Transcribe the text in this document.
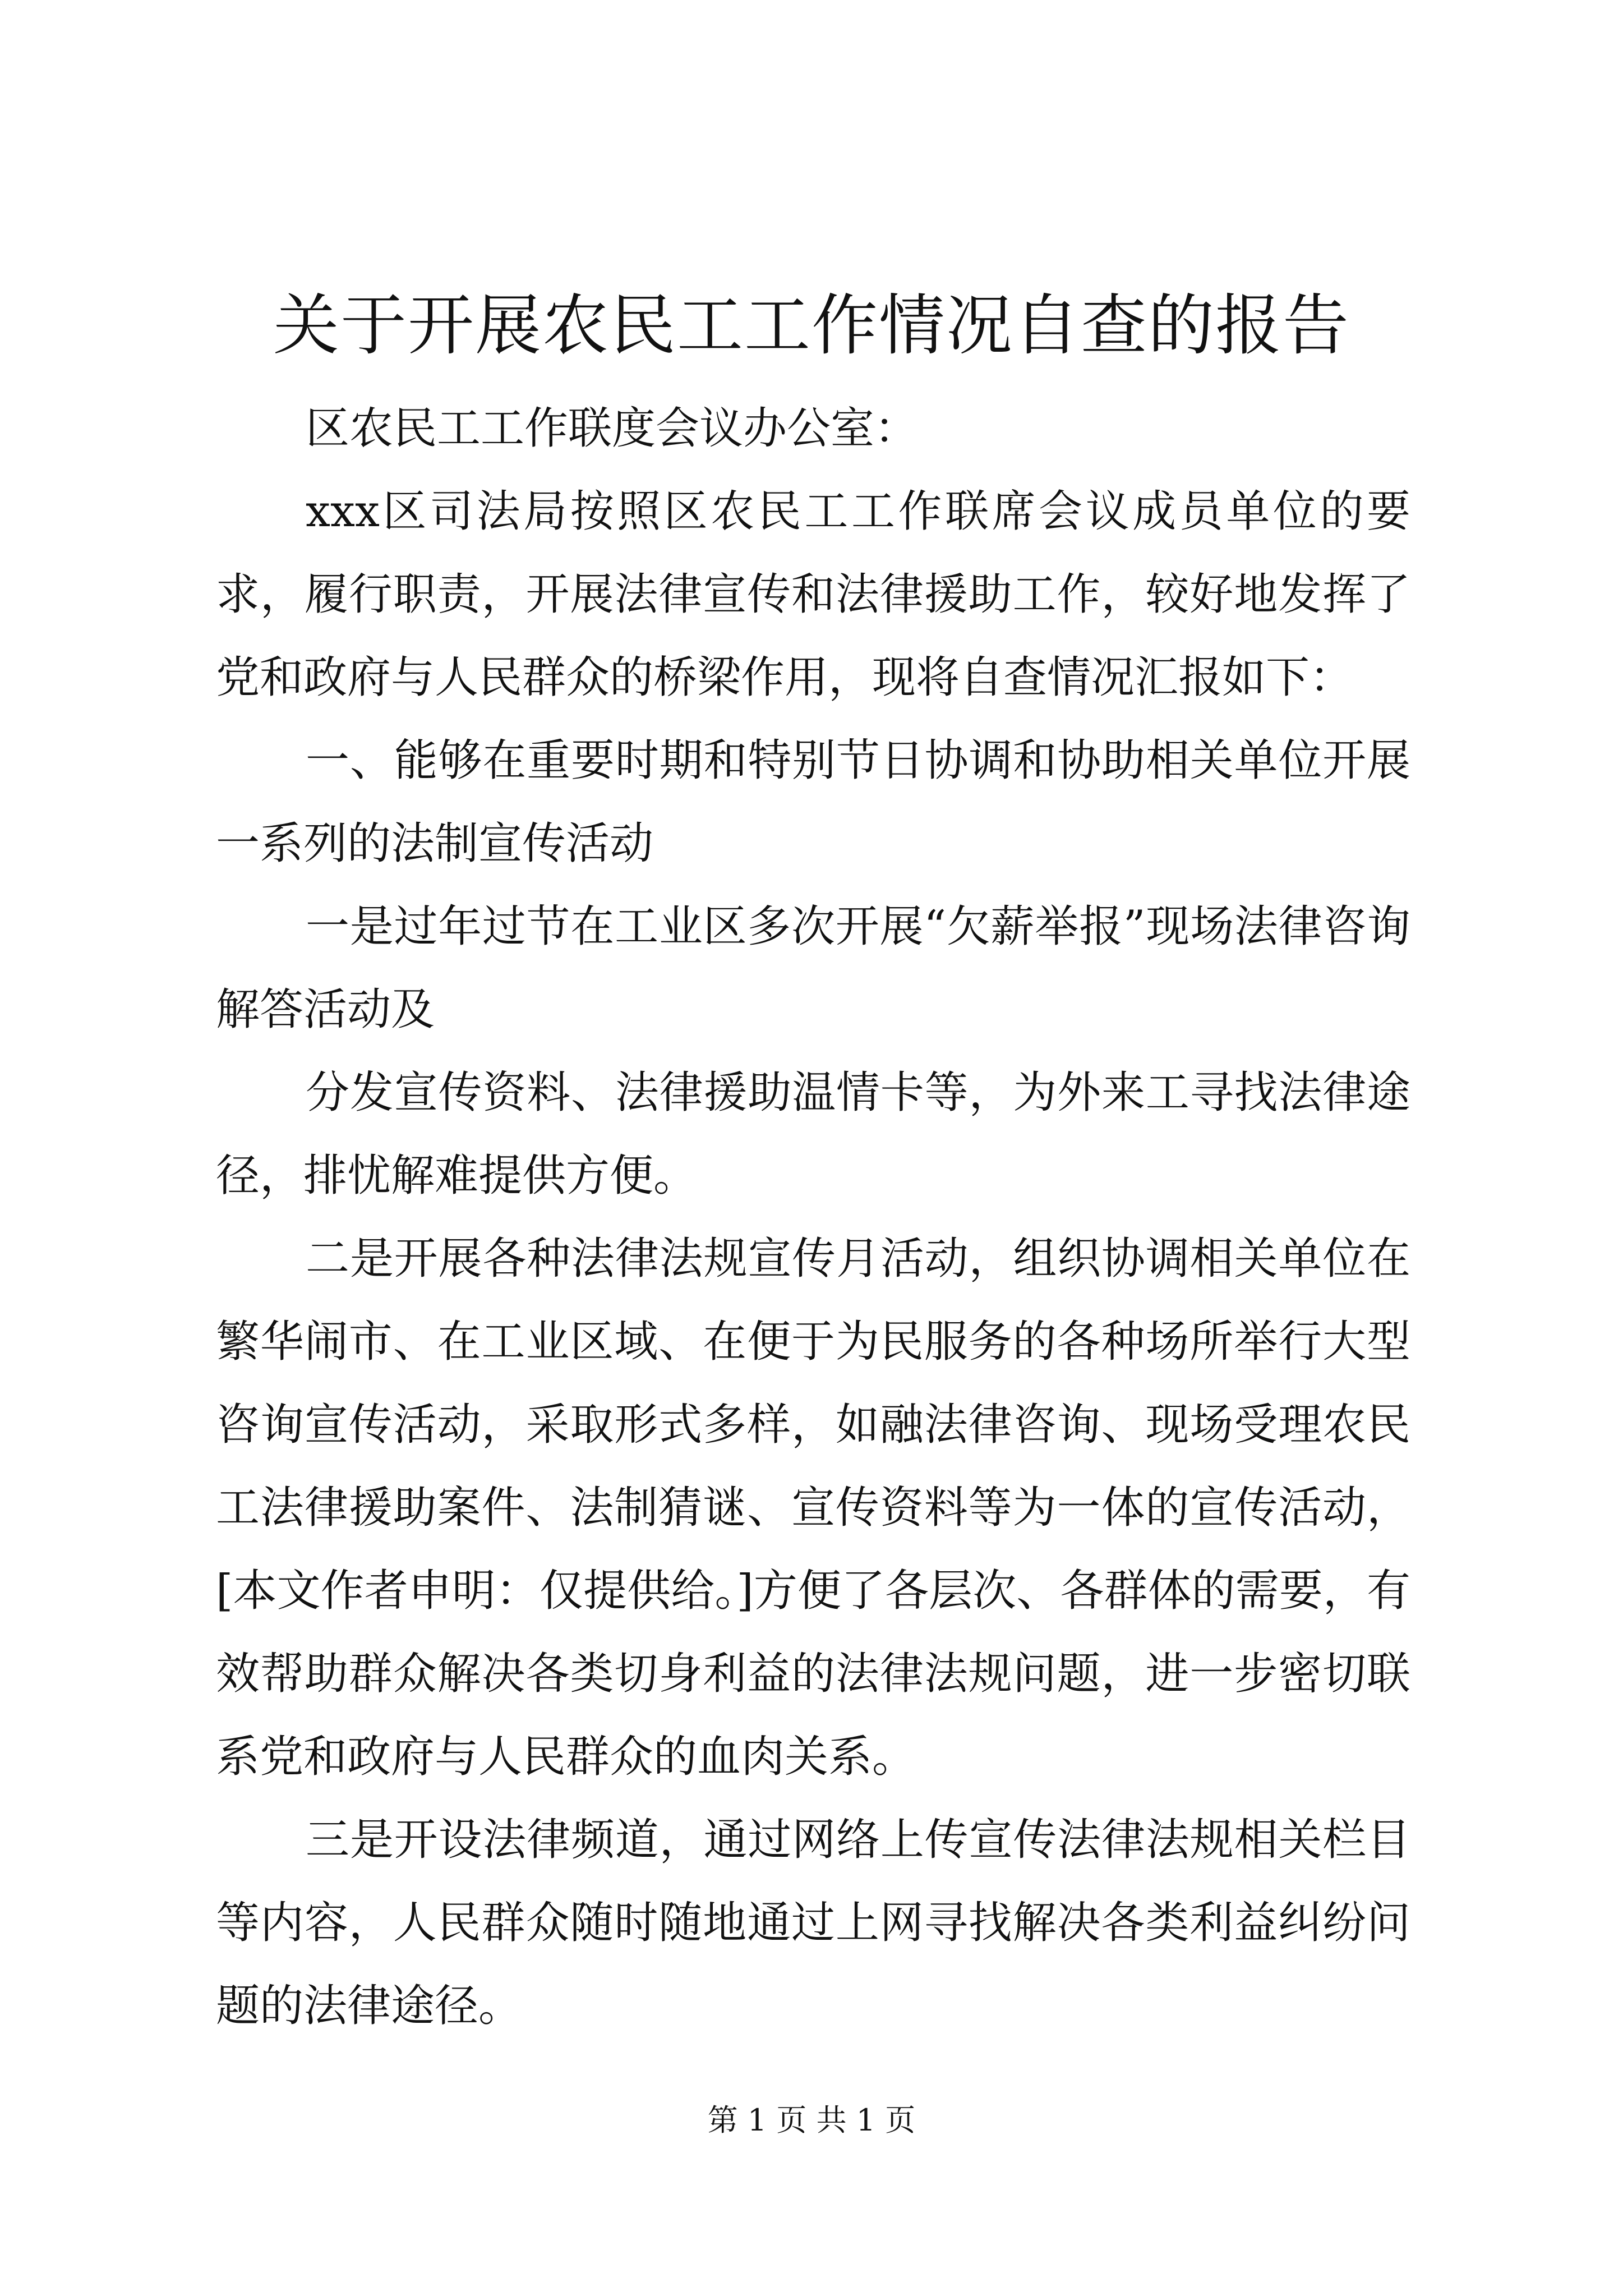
关于开展农民工工作情况自查的报告

区农民工工作联度会议办公室：

xxx区司法局按照区农民工工作联席会议成员单位的要求，履行职责，开展法律宣传和法律援助工作，较好地发挥了党和政府与人民群众的桥梁作用，现将自查情况汇报如下：

一、能够在重要时期和特别节日协调和协助相关单位开展一系列的法制宣传活动

一是过年过节在工业区多次开展“欠薪举报”现场法律咨询解答活动及

分发宣传资料、法律援助温情卡等，为外来工寻找法律途径，排忧解难提供方便。

二是开展各种法律法规宣传月活动，组织协调相关单位在繁华闹市、在工业区域、在便于为民服务的各种场所举行大型咨询宣传活动，采取形式多样，如融法律咨询、现场受理农民工法律援助案件、法制猜谜、宣传资料等为一体的宣传活动，[本文作者申明：仅提供给。]方便了各层次、各群体的需要，有效帮助群众解决各类切身利益的法律法规问题，进一步密切联系党和政府与人民群众的血肉关系。

三是开设法律频道，通过网络上传宣传法律法规相关栏目等内容，人民群众随时随地通过上网寻找解决各类利益纠纷问题的法律途径。

第 1 页 共 1 页
